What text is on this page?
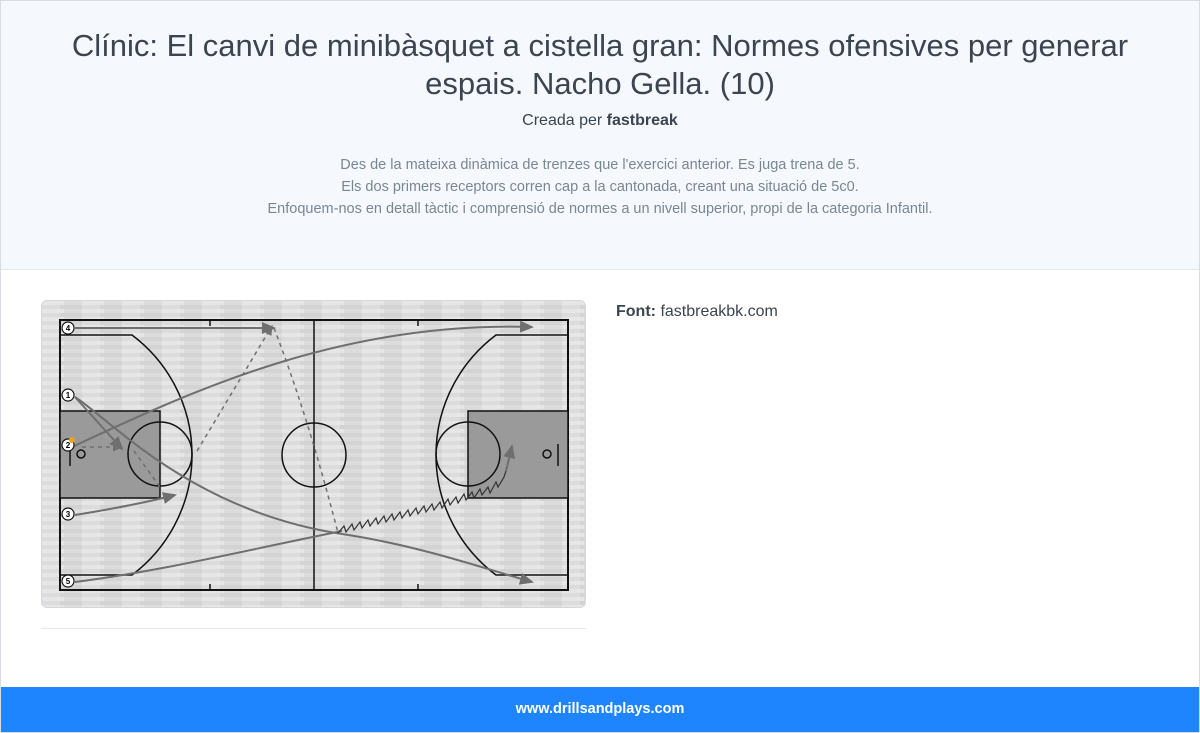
Clínic: El canvi de minibàsquet a cistella gran: Normes ofensives per generar espais. Nacho Gella. (10)
Creada per fastbreak
Des de la mateixa dinàmica de trenzes que l'exercici anterior. Es juga trena de 5.
Els dos primers receptors corren cap a la cantonada, creant una situació de 5c0.
Enfoquem-nos en detall tàctic i comprensió de normes a un nivell superior, propi de la categoria Infantil.
4
1
2
3
5
Font: fastbreakbk.com
www.drillsandplays.com
